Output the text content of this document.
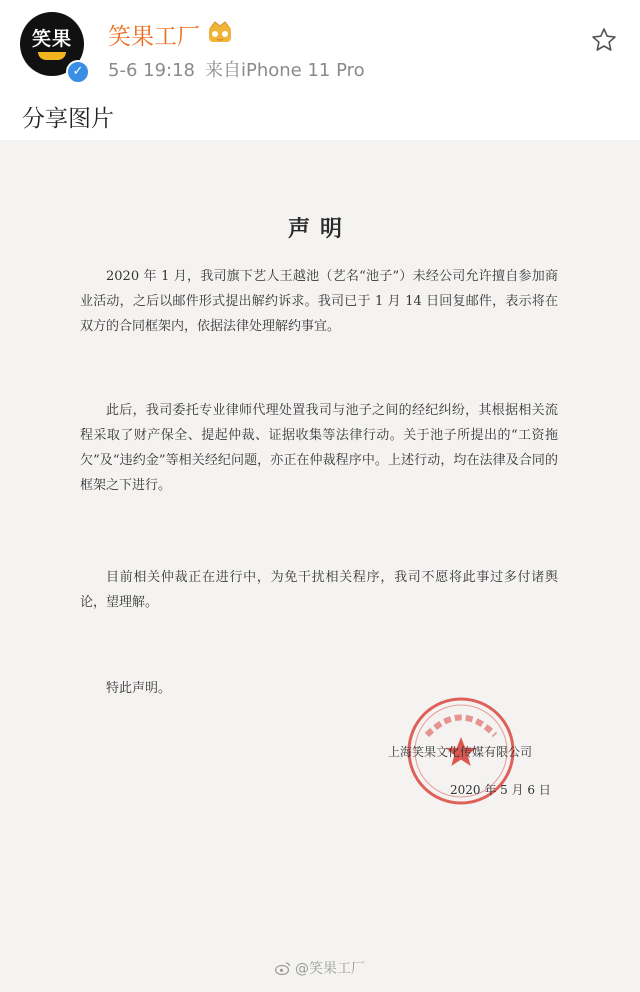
笑果
✓
笑果工厂
5-6 19:18 来自iPhone 11 Pro
分享图片
声明
2020 年 1 月，我司旗下艺人王越池（艺名“池子”）未经公司允许擅自参加商业活动，之后以邮件形式提出解约诉求。我司已于 1 月 14 日回复邮件，表示将在双方的合同框架内，依据法律处理解约事宜。
此后，我司委托专业律师代理处置我司与池子之间的经纪纠纷，其根据相关流程采取了财产保全、提起仲裁、证据收集等法律行动。关于池子所提出的“工资拖欠”及“违约金”等相关经纪问题，亦正在仲裁程序中。上述行动，均在法律及合同的框架之下进行。
目前相关仲裁正在进行中，为免干扰相关程序，我司不愿将此事过多付诸舆论，望理解。
特此声明。
上海笑果文化传媒有限公司
2020 年 5 月 6 日
@笑果工厂
